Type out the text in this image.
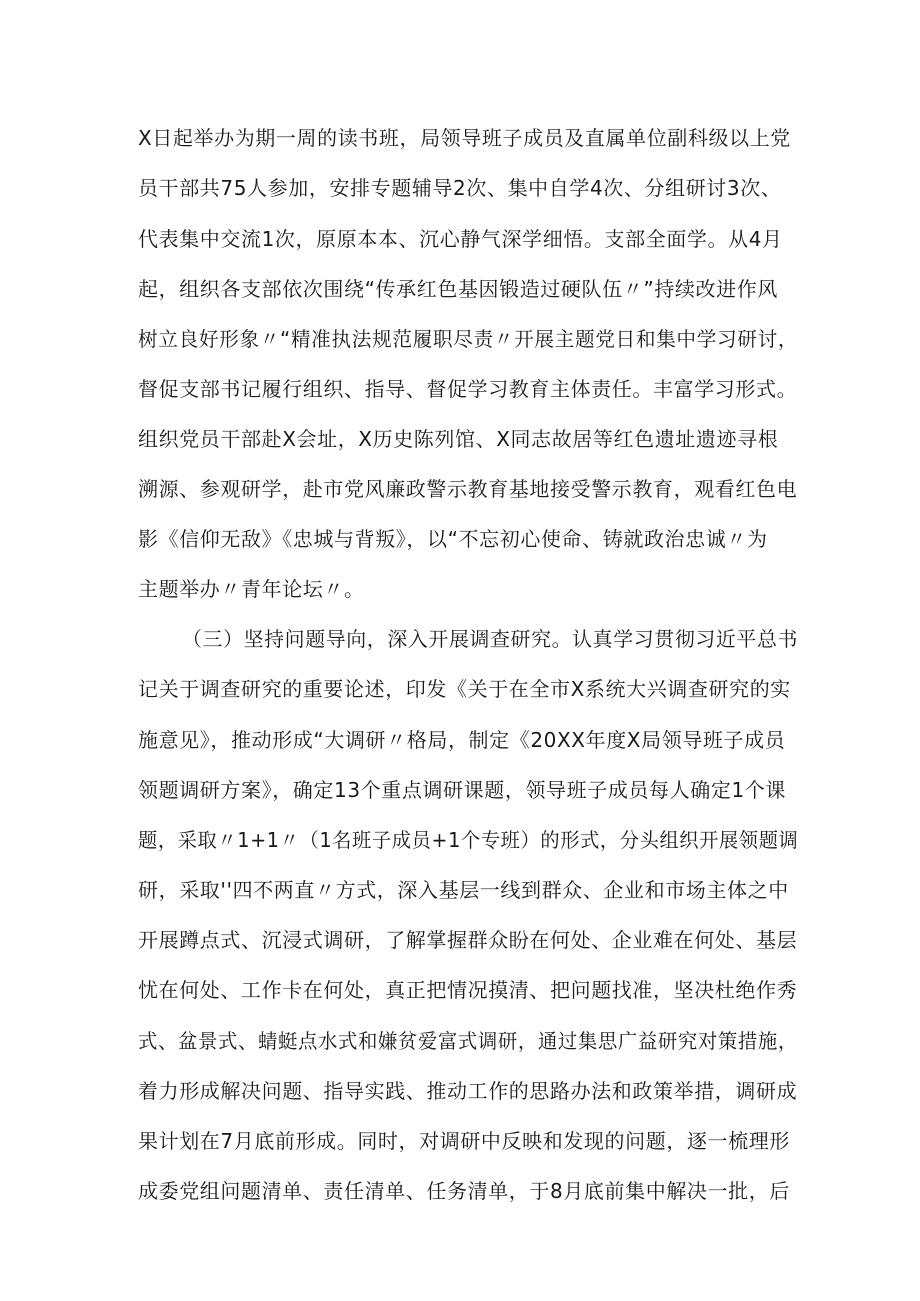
X日起举办为期一周的读书班，局领导班子成员及直属单位副科级以上党
员干部共75人参加，安排专题辅导2次、集中自学4次、分组研讨3次、
代表集中交流1次，原原本本、沉心静气深学细悟。支部全面学。从4月
起，组织各支部依次围绕“传承红色基因锻造过硬队伍〃”持续改进作风
树立良好形象〃“精准执法规范履职尽责〃开展主题党日和集中学习研讨，
督促支部书记履行组织、指导、督促学习教育主体责任。丰富学习形式。
组织党员干部赴X会址，X历史陈列馆、X同志故居等红色遗址遗迹寻根
溯源、参观研学，赴市党风廉政警示教育基地接受警示教育，观看红色电
影《信仰无敌》《忠城与背叛》，以“不忘初心使命、铸就政治忠诚〃为
主题举办〃青年论坛〃。
（三）坚持问题导向，深入开展调查研究。认真学习贯彻习近平总书
记关于调查研究的重要论述，印发《关于在全市X系统大兴调查研究的实
施意见》，推动形成“大调研〃格局，制定《20XX年度X局领导班子成员
领题调研方案》，确定13个重点调研课题，领导班子成员每人确定1个课
题，采取〃1+1〃（1名班子成员+1个专班）的形式，分头组织开展领题调
研，采取''四不两直〃方式，深入基层一线到群众、企业和市场主体之中
开展蹲点式、沉浸式调研，了解掌握群众盼在何处、企业难在何处、基层
忧在何处、工作卡在何处，真正把情况摸清、把问题找准，坚决杜绝作秀
式、盆景式、蜻蜓点水式和嫌贫爱富式调研，通过集思广益研究对策措施，
着力形成解决问题、指导实践、推动工作的思路办法和政策举措，调研成
果计划在7月底前形成。同时，对调研中反映和发现的问题，逐一梳理形
成委党组问题清单、责任清单、任务清单，于8月底前集中解决一批，后
